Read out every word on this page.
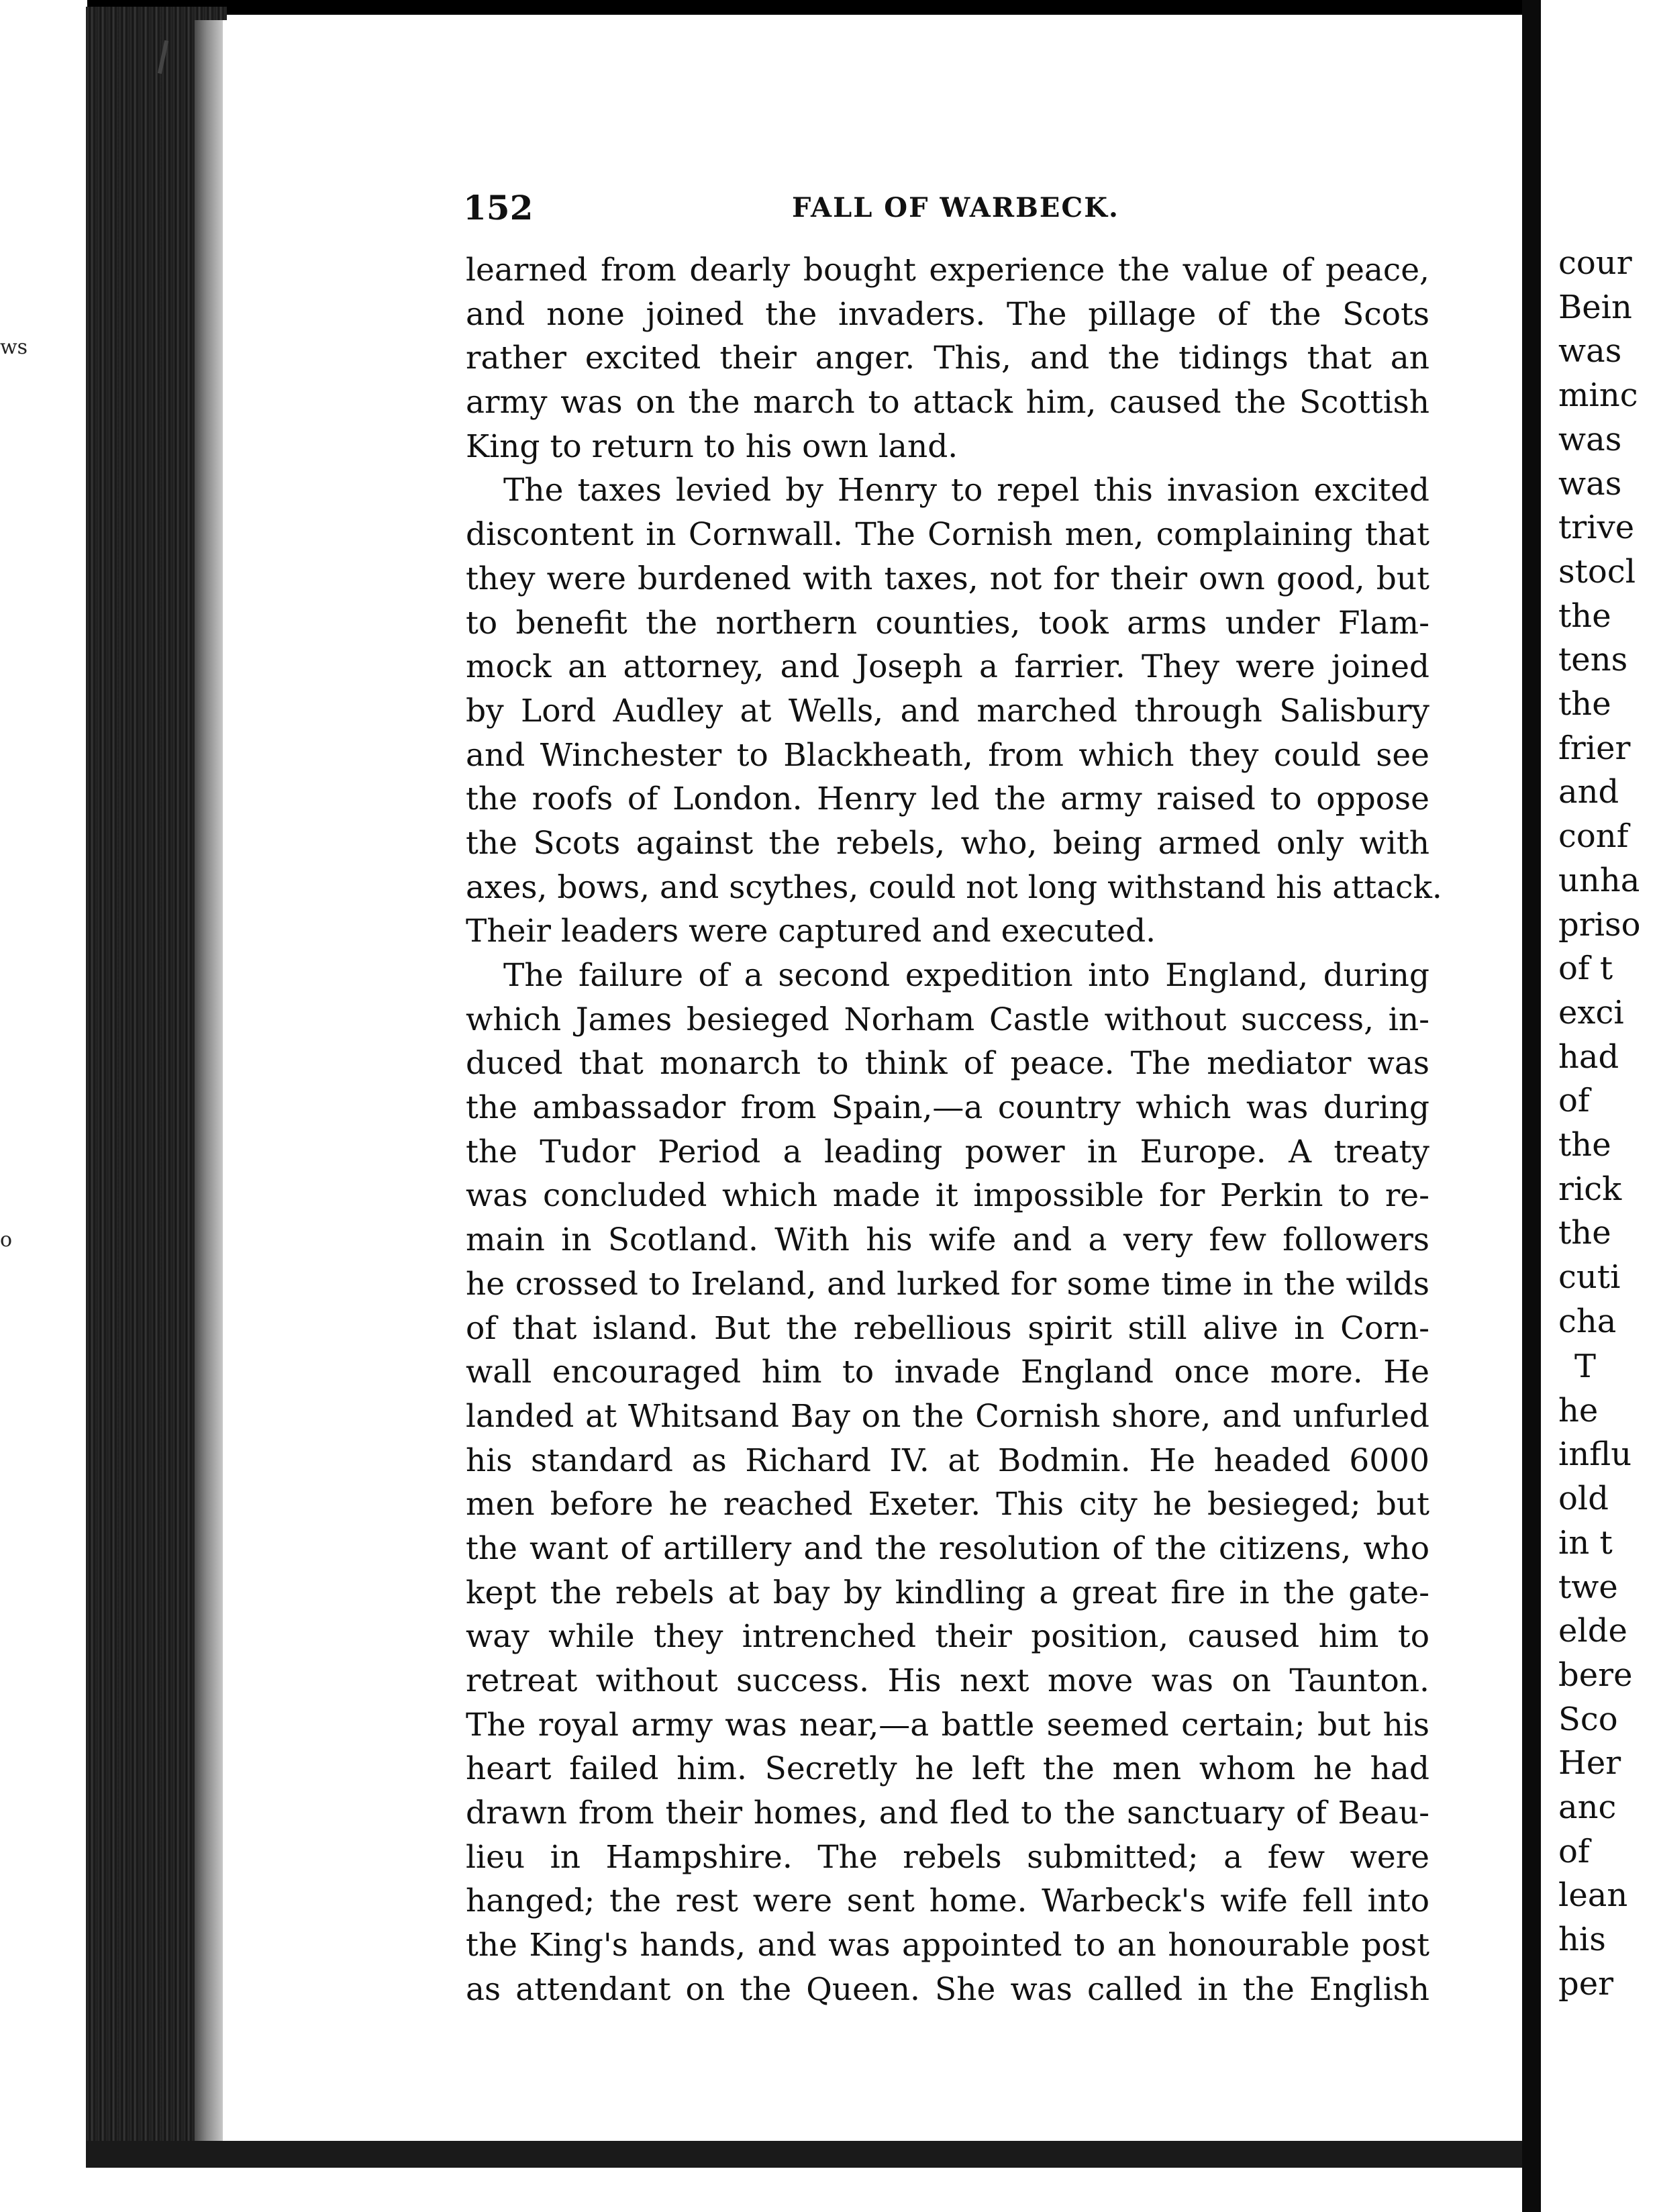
ws
o
152	FALL OF WARBECK.
learned from dearly bought experience the value of peace,
and none joined the invaders. The pillage of the Scots
rather excited their anger. This, and the tidings that an
army was on the march to attack him, caused the Scottish
King to return to his own land.
The taxes levied by Henry to repel this invasion excited
discontent in Cornwall. The Cornish men, complaining that
they were burdened with taxes, not for their own good, but
to benefit the northern counties, took arms under Flam-
mock an attorney, and Joseph a farrier. They were joined
by Lord Audley at Wells, and marched through Salisbury
and Winchester to Blackheath, from which they could see
the roofs of London. Henry led the army raised to oppose
the Scots against the rebels, who, being armed only with
axes, bows, and scythes, could not long withstand his attack.
Their leaders were captured and executed.
The failure of a second expedition into England, during
which James besieged Norham Castle without success, in-
duced that monarch to think of peace. The mediator was
the ambassador from Spain,—a country which was during
the Tudor Period a leading power in Europe. A treaty
was concluded which made it impossible for Perkin to re-
main in Scotland. With his wife and a very few followers
he crossed to Ireland, and lurked for some time in the wilds
of that island. But the rebellious spirit still alive in Corn-
wall encouraged him to invade England once more. He
landed at Whitsand Bay on the Cornish shore, and unfurled
his standard as Richard IV. at Bodmin. He headed 6000
men before he reached Exeter. This city he besieged; but
the want of artillery and the resolution of the citizens, who
kept the rebels at bay by kindling a great fire in the gate-
way while they intrenched their position, caused him to
retreat without success. His next move was on Taunton.
The royal army was near,—a battle seemed certain; but his
heart failed him. Secretly he left the men whom he had
drawn from their homes, and fled to the sanctuary of Beau-
lieu in Hampshire. The rebels submitted; a few were
hanged; the rest were sent home. Warbeck's wife fell into
the King's hands, and was appointed to an honourable post
as attendant on the Queen. She was called in the English
cour
Bein
was
minc
was
was
trive
stocl
the
tens
the
frier
and
conf
unha
priso
of t
exci
had
of
the
rick
the
cuti
cha
T
he
influ
old
in t
twe
elde
bere
Sco
Her
anc
of
lean
his
per
